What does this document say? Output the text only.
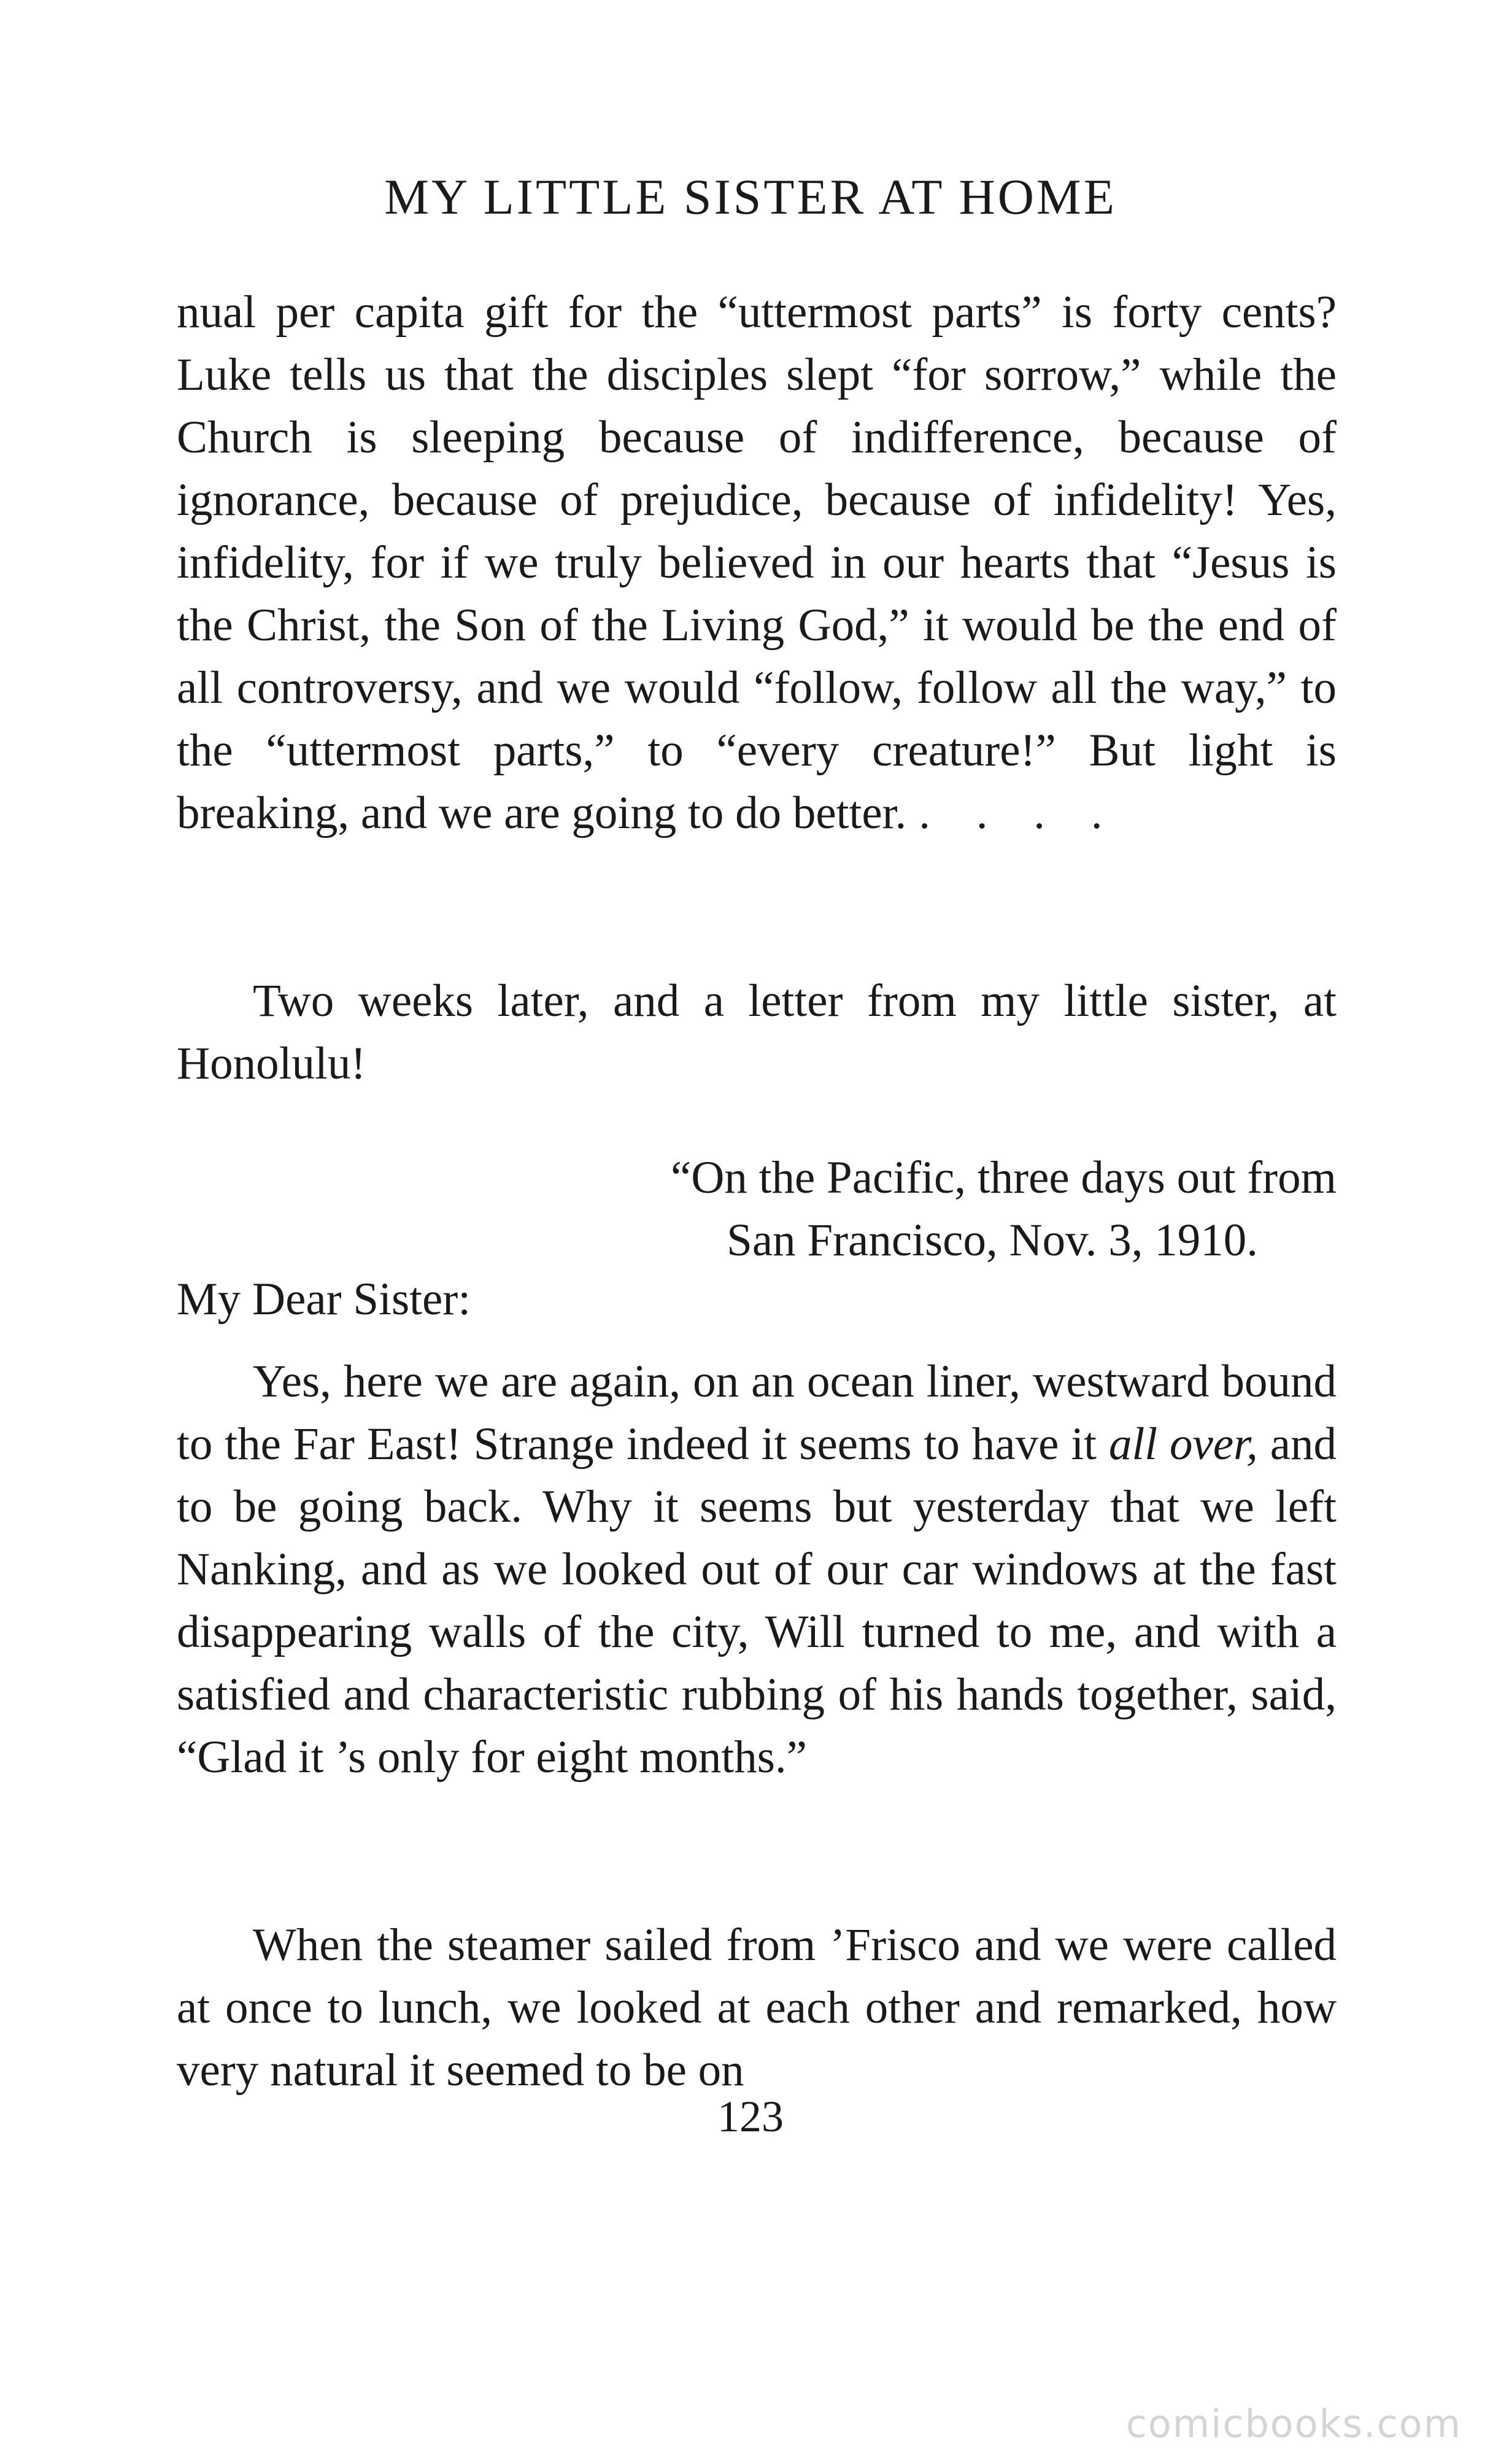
MY LITTLE SISTER AT HOME

nual per capita gift for the “uttermost parts” is forty cents? Luke tells us that the disciples slept “for sorrow,” while the Church is sleeping because of indifference, because of ignorance, because of prejudice, because of infidelity! Yes, infidelity, for if we truly believed in our hearts that “Jesus is the Christ, the Son of the Living God,” it would be the end of all controversy, and we would “follow, follow all the way,” to the “uttermost parts,” to “every creature!” But light is breaking, and we are going to do better. . . . .

Two weeks later, and a letter from my little sister, at Honolulu!

“On the Pacific, three days out from
San Francisco, Nov. 3, 1910.
My Dear Sister:

Yes, here we are again, on an ocean liner, westward bound to the Far East! Strange indeed it seems to have it all over, and to be going back. Why it seems but yesterday that we left Nanking, and as we looked out of our car windows at the fast disappearing walls of the city, Will turned to me, and with a satisfied and characteristic rubbing of his hands together, said, “Glad it ’s only for eight months.”

When the steamer sailed from ’Frisco and we were called at once to lunch, we looked at each other and remarked, how very natural it seemed to be on

123
comicbooks.com
